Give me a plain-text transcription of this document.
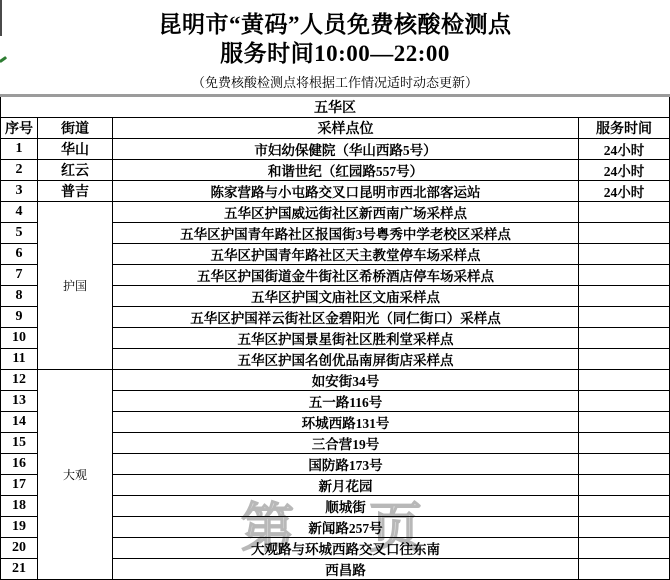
昆明市“黄码”人员免费核酸检测点
服务时间10:00—22:00
（免费核酸检测点将根据工作情况适时动态更新）
第 页
五华区			
序号	街道	采样点位	服务时间
1	华山	市妇幼保健院（华山西路5号）	24小时
2	红云	和谐世纪（红园路557号）	24小时
3	普吉	陈家营路与小屯路交叉口昆明市西北部客运站	24小时
4	护国	五华区护国威远街社区新西南广场采样点	
5		五华区护国青年路社区报国街3号粤秀中学老校区采样点	
6		五华区护国青年路社区天主教堂停车场采样点	
7		五华区护国街道金牛街社区希桥酒店停车场采样点	
8		五华区护国文庙社区文庙采样点	
9		五华区护国祥云街社区金碧阳光（同仁街口）采样点	
10		五华区护国景星街社区胜利堂采样点	
11		五华区护国名创优品南屏街店采样点	
12	大观	如安街34号	
13		五一路116号	
14		环城西路131号	
15		三合营19号	
16		国防路173号	
17		新月花园	
18		顺城街	
19		新闻路257号	
20		大观路与环城西路交叉口往东南	
21		西昌路	
